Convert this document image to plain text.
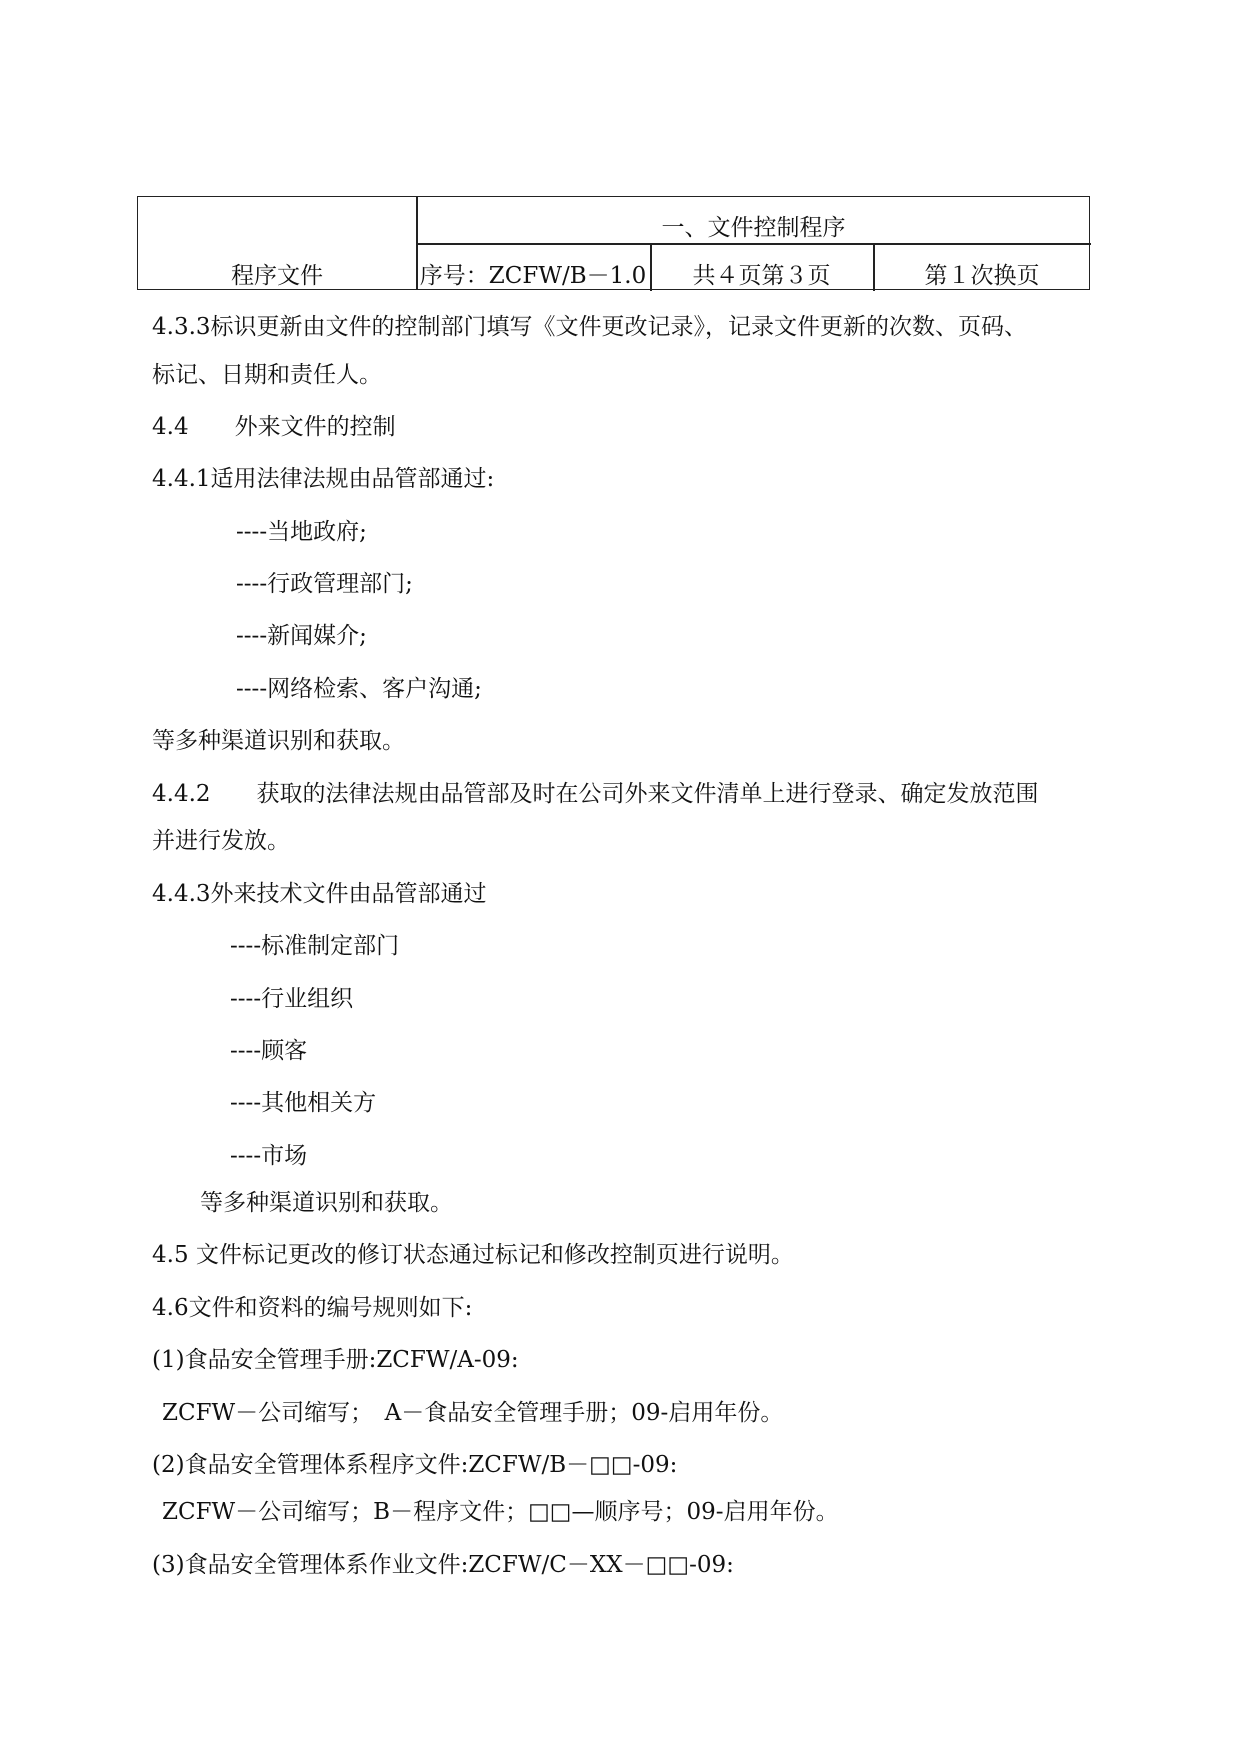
程序文件
一、文件控制程序
序号：ZCFW/B－1.0	共４页第３页	第１次换页
4.3.3标识更新由文件的控制部门填写《文件更改记录》，记录文件更新的次数、页码、
标记、日期和责任人。
4.4　　外来文件的控制
4.4.1适用法律法规由品管部通过:
----当地政府;
----行政管理部门;
----新闻媒介;
----网络检索、客户沟通;
等多种渠道识别和获取。
4.4.2　　获取的法律法规由品管部及时在公司外来文件清单上进行登录、确定发放范围
并进行发放。
4.4.3外来技术文件由品管部通过
----标准制定部门
----行业组织
----顾客
----其他相关方
----市场
等多种渠道识别和获取。
4.5 文件标记更改的修订状态通过标记和修改控制页进行说明。
4.6文件和资料的编号规则如下:
(1)食品安全管理手册:ZCFW/A-09:
ZCFW－公司缩写；　A－食品安全管理手册；09-启用年份。
(2)食品安全管理体系程序文件:ZCFW/B－□□-09:
ZCFW－公司缩写；B－程序文件；□□—顺序号；09-启用年份。
(3)食品安全管理体系作业文件:ZCFW/C－XX－□□-09:
